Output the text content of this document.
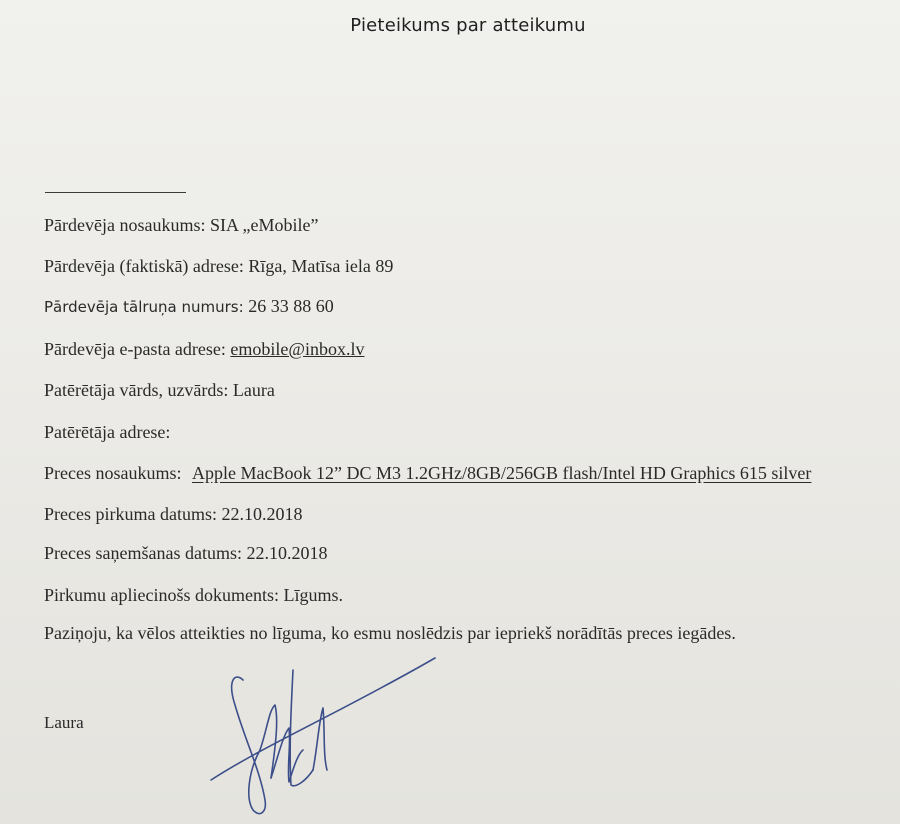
Pieteikums par atteikumu
Pārdevēja nosaukums: SIA „eMobile”
Pārdevēja (faktiskā) adrese: Rīga, Matīsa iela 89
Pārdevēja tālruņa numurs: 26 33 88 60
Pārdevēja e-pasta adrese: emobile@inbox.lv
Patērētāja vārds, uzvārds: Laura
Patērētāja adrese:
Preces nosaukums: Apple MacBook 12” DC M3 1.2GHz/8GB/256GB flash/Intel HD Graphics 615 silver
Preces pirkuma datums: 22.10.2018
Preces saņemšanas datums: 22.10.2018
Pirkumu apliecinošs dokuments: Līgums.
Paziņoju, ka vēlos atteikties no līguma, ko esmu noslēdzis par iepriekš norādītās preces iegādes.
Laura
